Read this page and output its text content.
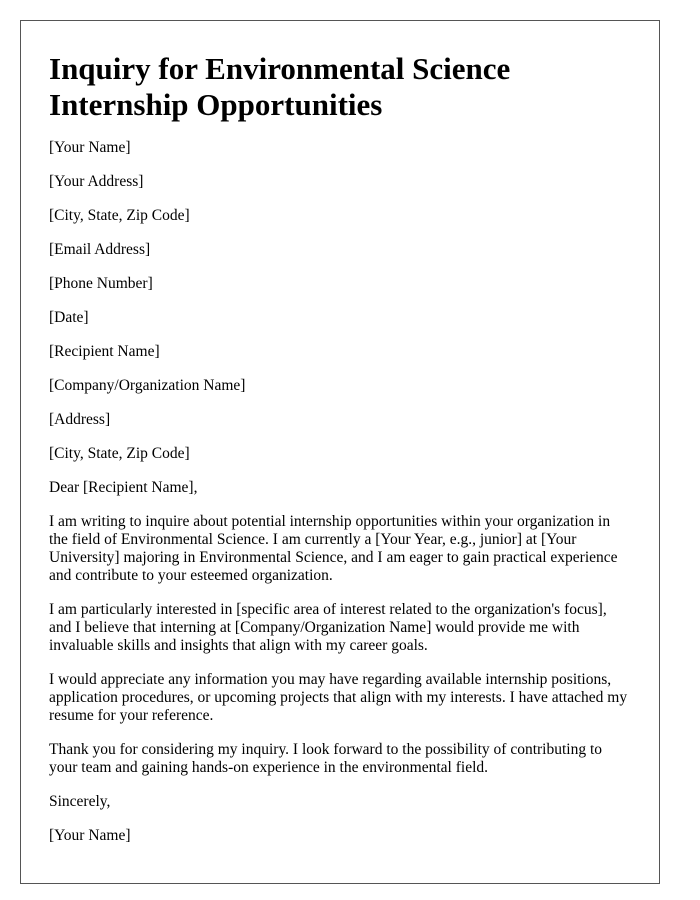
Inquiry for Environmental Science Internship Opportunities
[Your Name]
[Your Address]
[City, State, Zip Code]
[Email Address]
[Phone Number]
[Date]
[Recipient Name]
[Company/Organization Name]
[Address]
[City, State, Zip Code]
Dear [Recipient Name],

I am writing to inquire about potential internship opportunities within your organization in the field of Environmental Science. I am currently a [Your Year, e.g., junior] at [Your University] majoring in Environmental Science, and I am eager to gain practical experience and contribute to your esteemed organization.

I am particularly interested in [specific area of interest related to the organization's focus], and I believe that interning at [Company/Organization Name] would provide me with invaluable skills and insights that align with my career goals.

I would appreciate any information you may have regarding available internship positions, application procedures, or upcoming projects that align with my interests. I have attached my resume for your reference.

Thank you for considering my inquiry. I look forward to the possibility of contributing to your team and gaining hands-on experience in the environmental field.

Sincerely,
[Your Name]
